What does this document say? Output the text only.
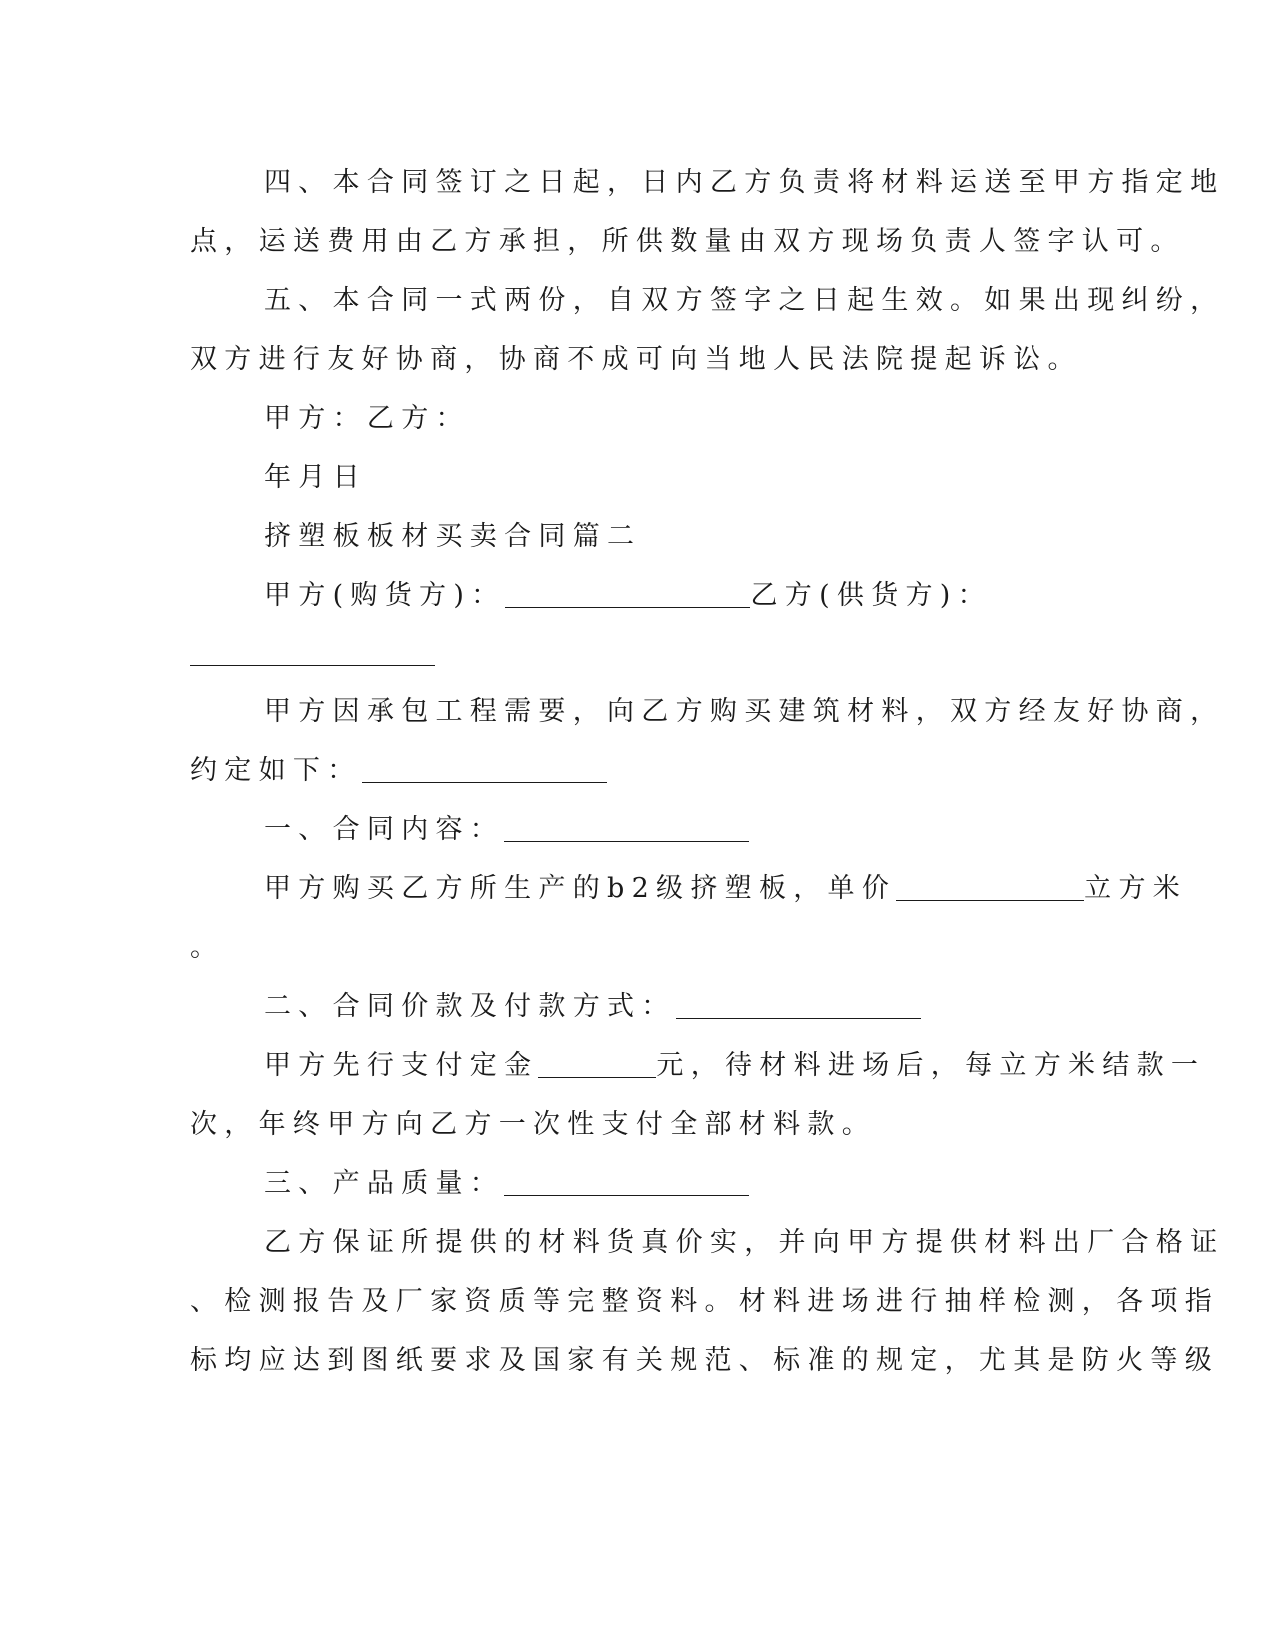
四、本合同签订之日起，日内乙方负责将材料运送至甲方指定地
点，运送费用由乙方承担，所供数量由双方现场负责人签字认可。
五、本合同一式两份，自双方签字之日起生效。如果出现纠纷，
双方进行友好协商，协商不成可向当地人民法院提起诉讼。
甲方：乙方：
年月日
挤塑板板材买卖合同篇二
甲方(购货方)：	乙方(供货方)：
甲方因承包工程需要，向乙方购买建筑材料，双方经友好协商，
约定如下：
一、合同内容：
甲方购买乙方所生产的b2级挤塑板，单价	立方米
。
二、合同价款及付款方式：
甲方先行支付定金	元，待材料进场后，每立方米结款一
次，年终甲方向乙方一次性支付全部材料款。
三、产品质量：
乙方保证所提供的材料货真价实，并向甲方提供材料出厂合格证
、检测报告及厂家资质等完整资料。材料进场进行抽样检测，各项指
标均应达到图纸要求及国家有关规范、标准的规定，尤其是防火等级
